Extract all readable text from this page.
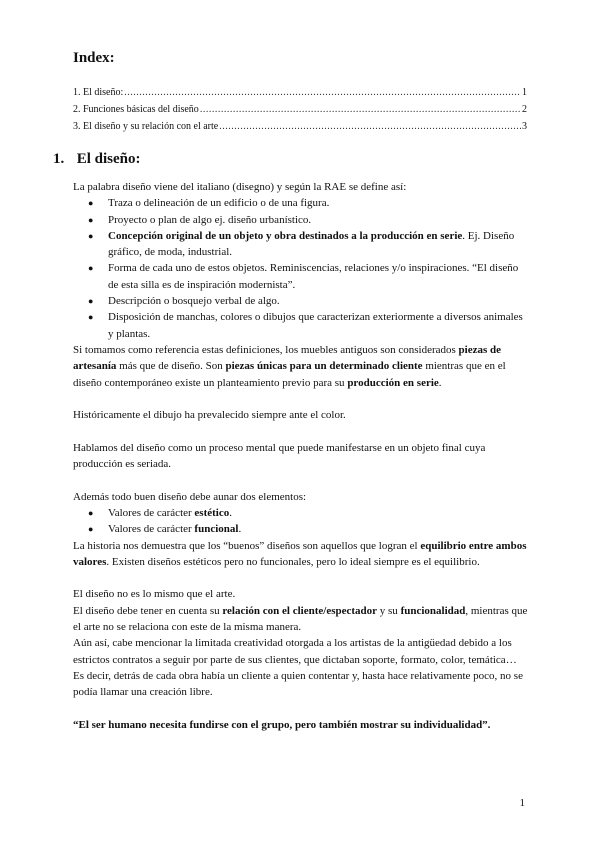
Index:
1. El diseño: .....	1
2. Funciones básicas del diseño .....	2
3. El diseño y su relación con el arte .....	3
1. El diseño:

La palabra diseño viene del italiano (disegno) y según la RAE se define así:

● Traza o delineación de un edificio o de una figura.
● Proyecto o plan de algo ej. diseño urbanístico.
● Concepción original de un objeto y obra destinados a la producción en serie. Ej. Diseño gráfico, de moda, industrial.
● Forma de cada uno de estos objetos. Reminiscencias, relaciones y/o inspiraciones. “El diseño de esta silla es de inspiración modernista”.
● Descripción o bosquejo verbal de algo.
● Disposición de manchas, colores o dibujos que caracterizan exteriormente a diversos animales y plantas.

Si tomamos como referencia estas definiciones, los muebles antiguos son considerados piezas de artesanía más que de diseño. Son piezas únicas para un determinado cliente mientras que en el diseño contemporáneo existe un planteamiento previo para su producción en serie.

Históricamente el dibujo ha prevalecido siempre ante el color.

Hablamos del diseño como un proceso mental que puede manifestarse en un objeto final cuya producción es seriada.

Además todo buen diseño debe aunar dos elementos:

● Valores de carácter estético.
● Valores de carácter funcional.

La historia nos demuestra que los “buenos” diseños son aquellos que logran el equilibrio entre ambos valores. Existen diseños estéticos pero no funcionales, pero lo ideal siempre es el equilibrio.

El diseño no es lo mismo que el arte.

El diseño debe tener en cuenta su relación con el cliente/espectador y su funcionalidad, mientras que el arte no se relaciona con este de la misma manera.

Aún así, cabe mencionar la limitada creatividad otorgada a los artistas de la antigüedad debido a los estrictos contratos a seguir por parte de sus clientes, que dictaban soporte, formato, color, temática… Es decir, detrás de cada obra había un cliente a quien contentar y, hasta hace relativamente poco, no se podía llamar una creación libre.

“El ser humano necesita fundirse con el grupo, pero también mostrar su individualidad”.

1
